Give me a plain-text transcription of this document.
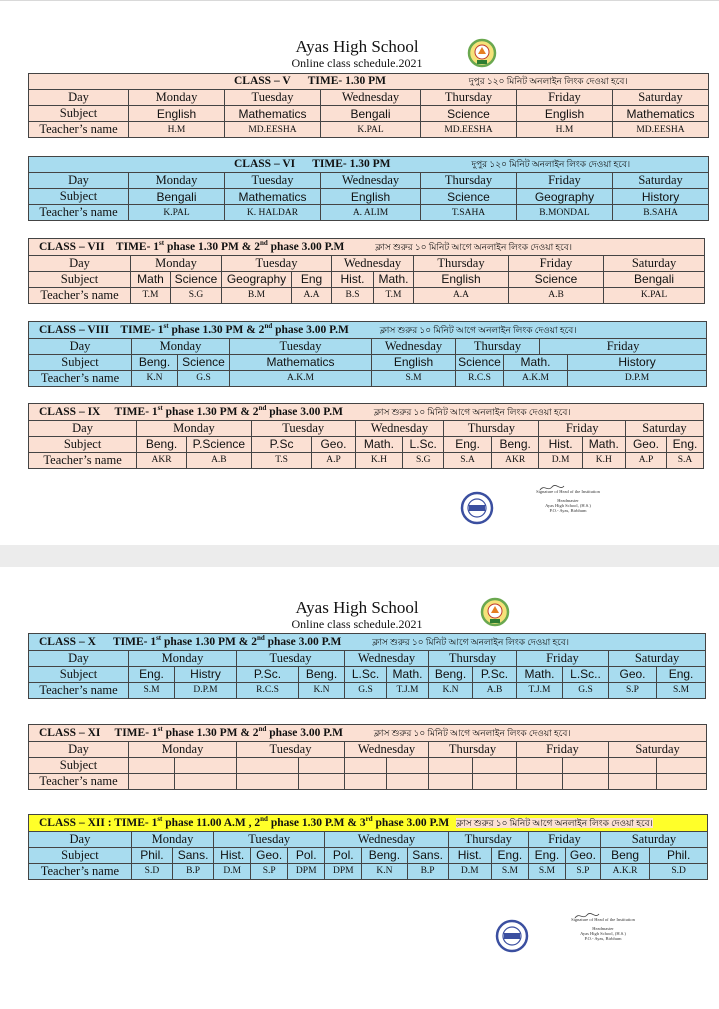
Ayas High School
Online class schedule.2021
CLASS – V TIME- 1.30 PM দুপুর ১২০ মিনিট অনলাইন লিংক দেওয়া হবে।						
Day	Monday	Tuesday	Wednesday	Thursday	Friday	Saturday
Subject	English	Mathematics	Bengali	Science	English	Mathematics
Teacher’s name	H.M	MD.EESHA	K.PAL	MD.EESHA	H.M	MD.EESHA
CLASS – VI TIME- 1.30 PM দুপুর ১২০ মিনিট অনলাইন লিংক দেওয়া হবে।						
Day	Monday	Tuesday	Wednesday	Thursday	Friday	Saturday
Subject	Bengali	Mathematics	English	Science	Geography	History
Teacher’s name	K.PAL	K. HALDAR	A. ALIM	T.SAHA	B.MONDAL	B.SAHA
CLASS – VII TIME- 1st phase 1.30 PM & 2nd phase 3.00 P.M ক্লাস শুরুর ১০ মিনিট আগে অনলাইন লিংক দেওয়া হবে।									
Day	Monday		Tuesday		Wednesday		Thursday	Friday	Saturday
Subject	Math	Science	Geography	Eng	Hist.	Math.	English	Science	Bengali
Teacher’s name	T.M	S.G	B.M	A.A	B.S	T.M	A.A	A.B	K.PAL
CLASS – VIII TIME- 1st phase 1.30 PM & 2nd phase 3.00 P.M ক্লাস শুরুর ১০ মিনিট আগে অনলাইন লিংক দেওয়া হবে।								
Day	Monday		Tuesday	Wednesday	Thursday		Friday
Subject	Beng.	Science	Mathematics	English	Science	Math.		History
Teacher’s name	K.N	G.S	A.K.M	S.M	R.C.S	A.K.M		D.P.M
CLASS – IX TIME- 1st phase 1.30 PM & 2nd phase 3.00 P.M ক্লাস শুরুর ১০ মিনিট আগে অনলাইন লিংক দেওয়া হবে।												
Day	Monday		Tuesday		Wednesday		Thursday		Friday		Saturday	
Subject	Beng.	P.Science	P.Sc	Geo.	Math.	L.Sc.	Eng.	Beng.	Hist.	Math.	Geo.	Eng.
Teacher’s name	AKR	A.B	T.S	A.P	K.H	S.G	S.A	AKR	D.M	K.H	A.P	S.A
Signature of Head of the Institution
Headmaster
Ayas High School, (H.S.)
P.O.- Ayas, Birbhum
Ayas High School
Online class schedule.2021
CLASS – X TIME- 1st phase 1.30 PM & 2nd phase 3.00 P.M ক্লাস শুরুর ১০ মিনিট আগে অনলাইন লিংক দেওয়া হবে।												
Day	Monday		Tuesday		Wednesday		Thursday		Friday		Saturday	
Subject	Eng.	Histry	P.Sc.	Beng.	L.Sc.	Math.	Beng.	P.Sc.	Math.	L.Sc..	Geo.	Eng.
Teacher’s name	S.M	D.P.M	R.C.S	K.N	G.S	T.J.M	K.N	A.B	T.J.M	G.S	S.P	S.M
CLASS – XI TIME- 1st phase 1.30 PM & 2nd phase 3.00 P.M ক্লাস শুরুর ১০ মিনিট আগে অনলাইন লিংক দেওয়া হবে।												
Day	Monday		Tuesday		Wednesday		Thursday		Friday		Saturday	
Subject												
Teacher’s name												
CLASS – XII : TIME- 1st phase 11.00 A.M , 2nd phase 1.30 P.M & 3rd phase 3.00 P.M ক্লাস শুরুর ১০ মিনিট আগে অনলাইন লিংক দেওয়া হবে।														
Day	Monday		Tuesday			Wednesday			Thursday		Friday		Saturday	
Subject	Phil.	Sans.	Hist.	Geo.	Pol.	Pol.	Beng.	Sans.	Hist.	Eng.	Eng.	Geo.	Beng	Phil.
Teacher’s name	S.D	B.P	D.M	S.P	DPM	DPM	K.N	B.P	D.M	S.M	S.M	S.P	A.K.R	S.D
Signature of Head of the Institution
Headmaster
Ayas High School, (H.S.)
P.O.- Ayas, Birbhum
